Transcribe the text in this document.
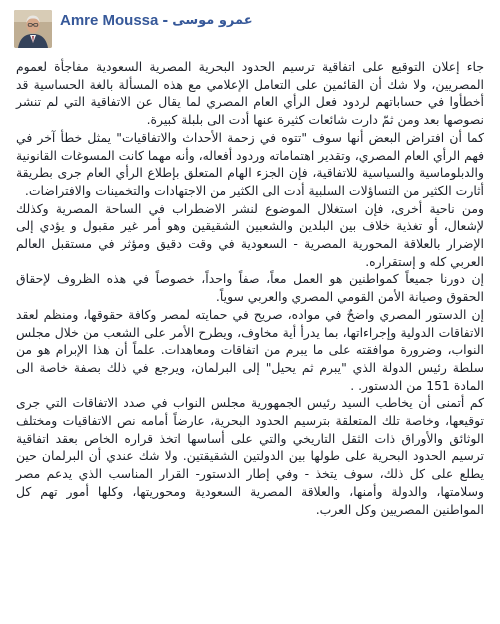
Amre Moussa - عمرو موسى

جاء إعلان التوقيع على اتفاقية ترسيم الحدود البحرية المصرية السعودية مفاجأة لعموم المصريين، ولا شك أن القائمين على التعامل الإعلامي مع هذه المسألة بالغة الحساسية قد أخطأوا في حساباتهم لردود فعل الرأي العام المصري لما يقال عن الاتفاقية التي لم تنشر نصوصها بعد ومن ثمّ دارت شائعات كثيرة عنها أدت الى بلبلة كبيرة.

كما أن افتراض البعض أنها سوف "تتوه في زحمة الأحداث والاتفاقيات" يمثل خطأ آخر في فهم الرأي العام المصري، وتقدير اهتماماته وردود أفعاله، وأنه مهما كانت المسوغات القانونية والدبلوماسية والسياسية للاتفاقية، فإن الجزء الهام المتعلق بإطلاع الرأي العام جرى بطريقة أثارت الكثير من التساؤلات السلبية أدت الى الكثير من الاجتهادات والتخمينات والافتراضات.

ومن ناحية أخرى، فإن استغلال الموضوع لنشر الاضطراب في الساحة المصرية وكذلك لإشعال، أو تغذية خلاف بين البلدين والشعبين الشقيقين وهو أمر غير مقبول و يؤدي إلى الإضرار بالعلاقة المحورية المصرية - السعودية في وقت دقيق ومؤثر في مستقبل العالم العربي كله و إستقراره.

إن دورنا جميعاً كمواطنين هو العمل معاً، صفاً واحداً، خصوصاً في هذه الظروف لإحقاق الحقوق وصيانة الأمن القومي المصري والعربي سوياً.

إن الدستور المصري واضحٌ في مواده، صريح في حمايته لمصر وكافة حقوقها، ومنظم لعقد الاتفاقات الدولية وإجراءاتها، بما يدرأ أية مخاوف، ويطرح الأمر على الشعب من خلال مجلس النواب، وضرورة موافقته على ما يبرم من اتفاقات ومعاهدات. علماً أن هذا الإبرام هو من سلطة رئيس الدولة الذي "يبرم ثم يحيل" إلى البرلمان، ويرجع في ذلك بصفة خاصة الى المادة 151 من الدستور. .

كم أتمنى أن يخاطب السيد رئيس الجمهورية مجلس النواب في صدد الاتفاقات التي جرى توقيعها، وخاصة تلك المتعلقة بترسيم الحدود البحرية، عارضاً أمامه نص الاتفاقيات ومختلف الوثائق والأوراق ذات الثقل التاريخي والتي على أساسها اتخذ قراره الخاص بعقد اتفاقية ترسيم الحدود البحرية على طولها بين الدولتين الشقيقتين. ولا شك عندي أن البرلمان حين يطلع على كل ذلك، سوف يتخذ - وفي إطار الدستور- القرار المناسب الذي يدعم مصر وسلامتها، والدولة وأمنها، والعلاقة المصرية السعودية ومحوريتها، وكلها أمور تهم كل المواطنين المصريين وكل العرب.
